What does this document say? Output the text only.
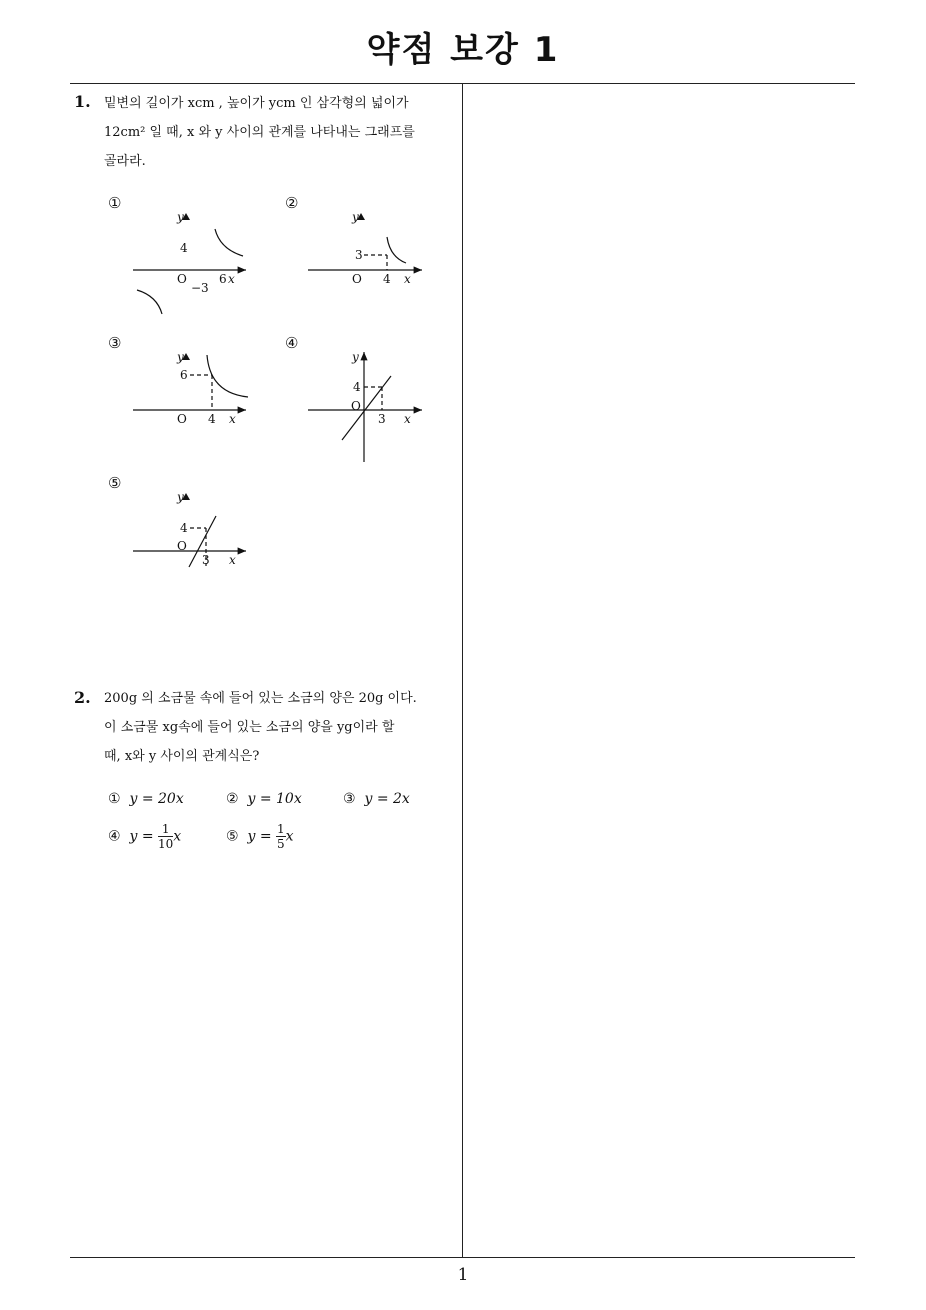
약점 보강 1
1. 밑변의 길이가 xcm , 높이가 ycm 인 삼각형의 넓이가
12cm² 일 때, x 와 y 사이의 관계를 나타내는 그래프를
골라라.
①	②
③	④
⑤
y
4
O	6 x
−3
y
3
O 4 x
y
6
O 4 x
y
4
O
3 x
y
4
O
3 x
2. 200g 의 소금물 속에 들어 있는 소금의 양은 20g 이다.
이 소금물 xg속에 들어 있는 소금의 양을 yg이라 할
때, x와 y 사이의 관계식은?
① y = 20x	② y = 10x	③ y = 2x
④ $y = \frac{1}{10}$ x	⑤ $y = \frac{1}{5}$ x
1
